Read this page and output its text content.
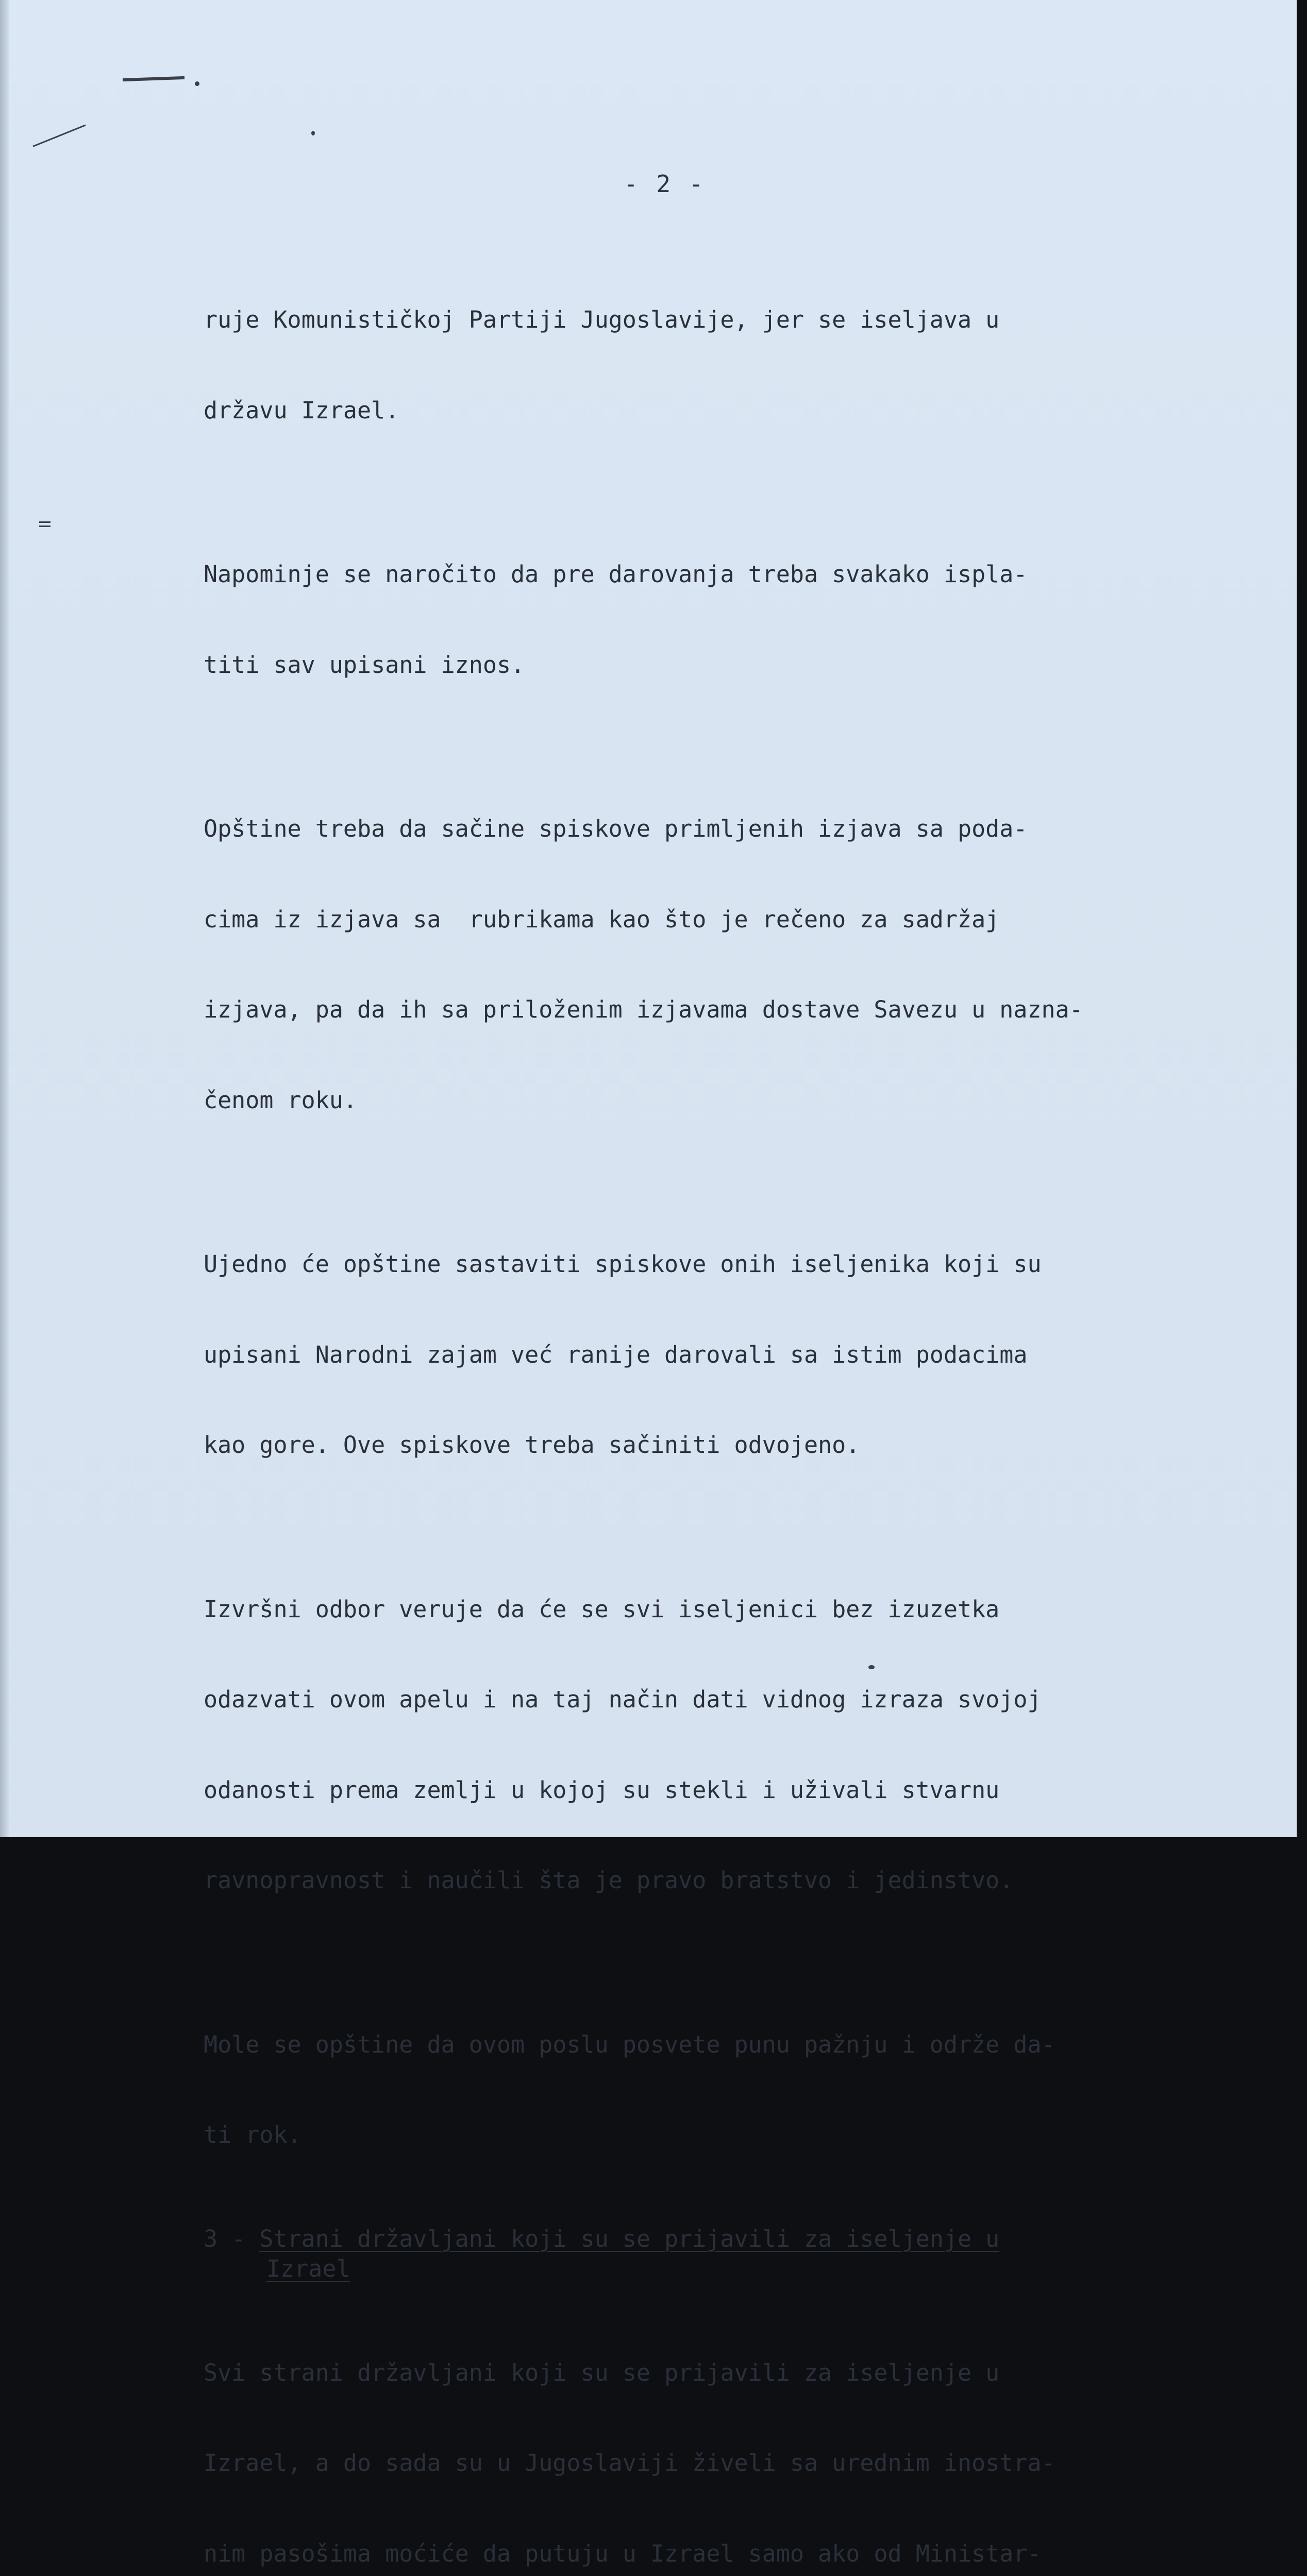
- 2 -

ruje Komunističkoj Partiji Jugoslavije, jer se iseljava u

državu Izrael.

Napominje se naročito da pre darovanja treba svakako ispla-

titi sav upisani iznos.

Opštine treba da sačine spiskove primljenih izjava sa poda-

cima iz izjava sa  rubrikama kao što je rečeno za sadržaj

izjava, pa da ih sa priloženim izjavama dostave Savezu u nazna-

čenom roku.

Ujedno će opštine sastaviti spiskove onih iseljenika koji su

upisani Narodni zajam već ranije darovali sa istim podacima

kao gore. Ove spiskove treba sačiniti odvojeno.

Izvršni odbor veruje da će se svi iseljenici bez izuzetka

odazvati ovom apelu i na taj način dati vidnog izraza svojoj

odanosti prema zemlji u kojoj su stekli i uživali stvarnu

ravnopravnost i naučili šta je pravo bratstvo i jedinstvo.

Mole se opštine da ovom poslu posvete punu pažnju i održe da-

ti rok.

3 - Strani državljani koji su se prijavili za iseljenje u
Izrael

Svi strani državljani koji su se prijavili za iseljenje u

Izrael, a do sada su u Jugoslaviji živeli sa urednim inostra-

nim pasošima moćiće da putuju u Izrael samo ako od Ministar-
